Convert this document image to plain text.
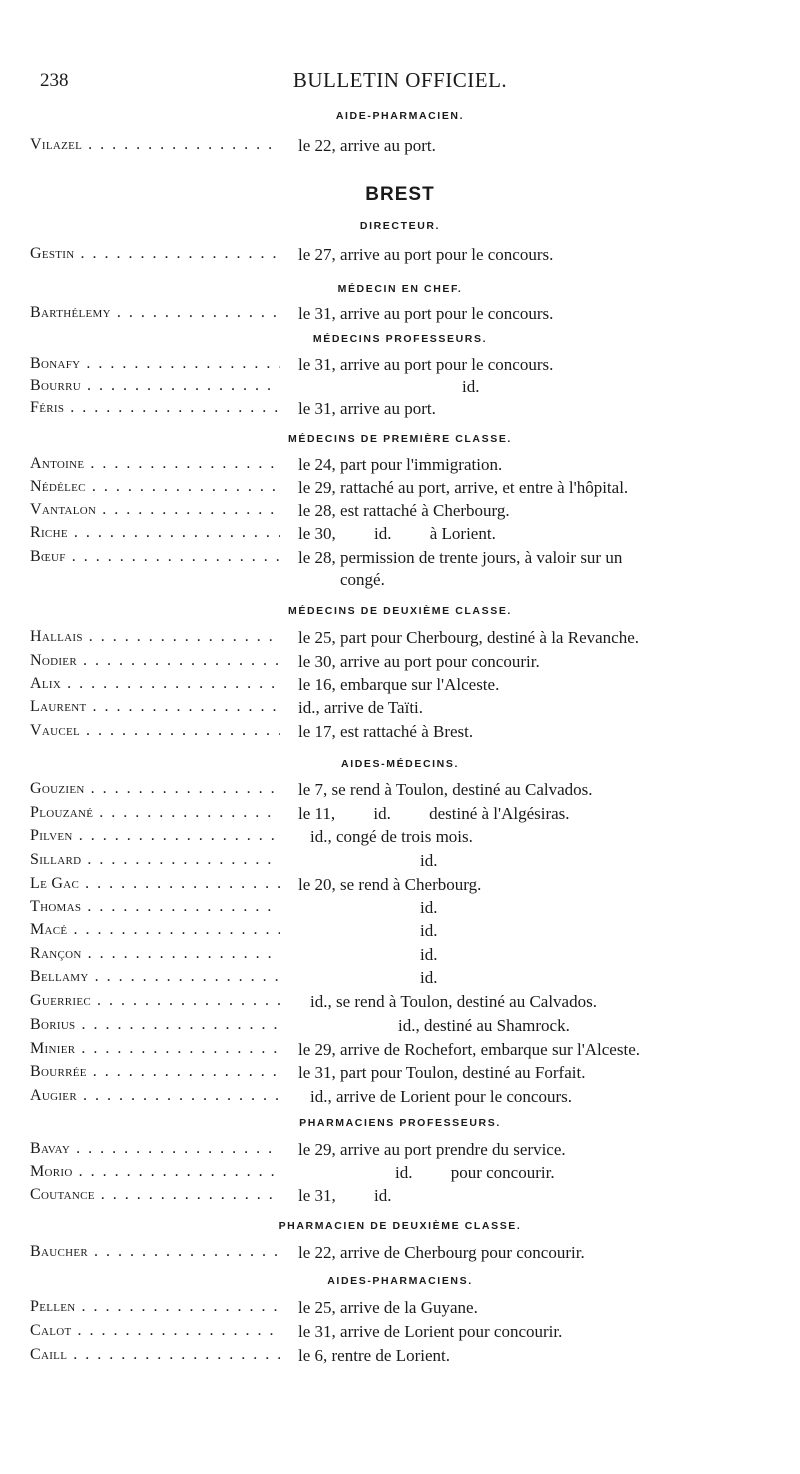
238	BULLETIN OFFICIEL.
AIDE-PHARMACIEN.
Vilazel . . .	le 22, arrive au port.
BREST
DIRECTEUR.
Gestin . . .	le 27, arrive au port pour le concours.
MÉDECIN EN CHEF.
Barthélemy . . .	le 31, arrive au port pour le concours.
MÉDECINS PROFESSEURS.
Bonafy . . .	le 31, arrive au port pour le concours.
Bourru . . .	id.
Féris . . .	le 31, arrive au port.
MÉDECINS DE PREMIÈRE CLASSE.
Antoine . . .	le 24, part pour l'immigration.
Nédélec . . .	le 29, rattaché au port, arrive, et entre à l'hôpital.
Vantalon . . .	le 28, est rattaché à Cherbourg.
Riche . . .	le 30,         id.         à Lorient.
Bœuf . . .	le 28, permission de trente jours, à valoir sur un
congé.
MÉDECINS DE DEUXIÈME CLASSE.
Hallais . . .	le 25, part pour Cherbourg, destiné à la Revanche.
Nodier . . .	le 30, arrive au port pour concourir.
Alix . . .	le 16, embarque sur l'Alceste.
Laurent . . .	id., arrive de Taïti.
Vaucel . . .	le 17, est rattaché à Brest.
AIDES-MÉDECINS.
Gouzien . . .	le 7, se rend à Toulon, destiné au Calvados.
Plouzané . . .	le 11,         id.         destiné à l'Algésiras.
Pilven . . .	id., congé de trois mois.
Sillard . . .	id.
Le Gac . . .	le 20, se rend à Cherbourg.
Thomas . . .	id.
Macé . . .	id.
Rançon . . .	id.
Bellamy . . .	id.
Guerriec . . .	id., se rend à Toulon, destiné au Calvados.
Borius . . .	id., destiné au Shamrock.
Minier . . .	le 29, arrive de Rochefort, embarque sur l'Alceste.
Bourrée . . .	le 31, part pour Toulon, destiné au Forfait.
Augier . . .	id., arrive de Lorient pour le concours.
PHARMACIENS PROFESSEURS.
Bavay . . .	le 29, arrive au port prendre du service.
Morio . . .	id.         pour concourir.
Coutance . . .	le 31,         id.
PHARMACIEN DE DEUXIÈME CLASSE.
Baucher . . .	le 22, arrive de Cherbourg pour concourir.
AIDES-PHARMACIENS.
Pellen . . .	le 25, arrive de la Guyane.
Calot . . .	le 31, arrive de Lorient pour concourir.
Caill . . .	le 6, rentre de Lorient.
